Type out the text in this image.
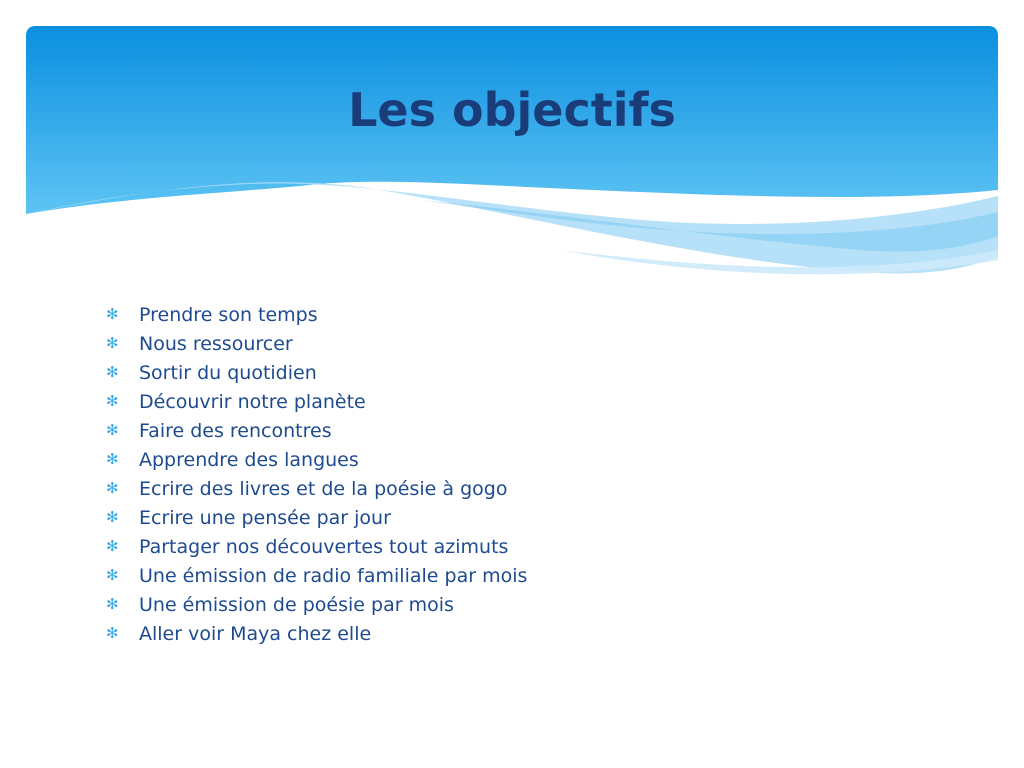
Les objectifs
✻	Prendre son temps
✻	Nous ressourcer
✻	Sortir du quotidien
✻	Découvrir notre planète
✻	Faire des rencontres
✻	Apprendre des langues
✻	Ecrire des livres et de la poésie à gogo
✻	Ecrire une pensée par jour
✻	Partager nos découvertes tout azimuts
✻	Une émission de radio familiale par mois
✻	Une émission de poésie par mois
✻	Aller voir Maya chez elle
